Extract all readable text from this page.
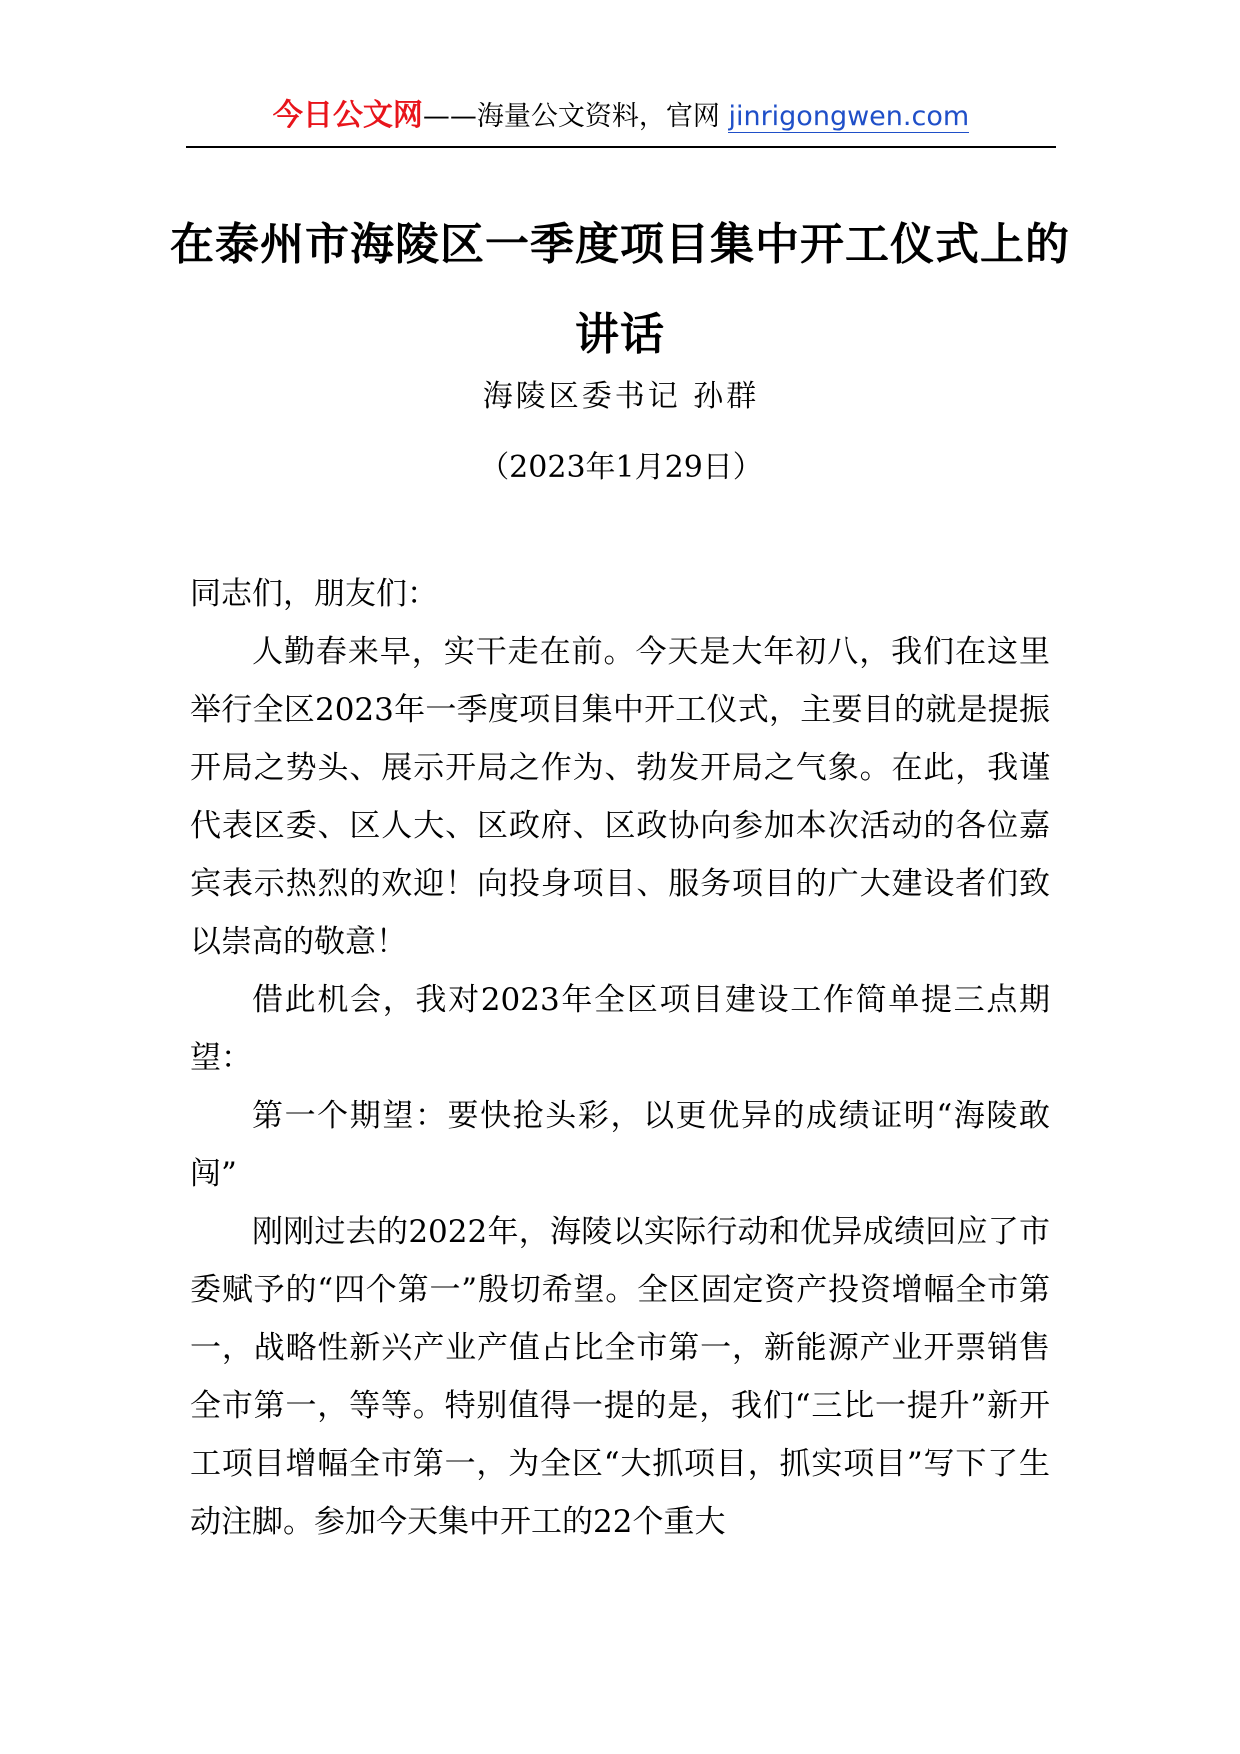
今日公文网——海量公文资料，官网 jinrigongwen.com
在泰州市海陵区一季度项目集中开工仪式上的讲话
海陵区委书记 孙群
（2023年1月29日）

同志们，朋友们：

人勤春来早，实干走在前。今天是大年初八，我们在这里举行全区2023年一季度项目集中开工仪式，主要目的就是提振开局之势头、展示开局之作为、勃发开局之气象。在此，我谨代表区委、区人大、区政府、区政协向参加本次活动的各位嘉宾表示热烈的欢迎！向投身项目、服务项目的广大建设者们致以崇高的敬意！

借此机会，我对2023年全区项目建设工作简单提三点期望：

第一个期望：要快抢头彩，以更优异的成绩证明“海陵敢闯”

刚刚过去的2022年，海陵以实际行动和优异成绩回应了市委赋予的“四个第一”殷切希望。全区固定资产投资增幅全市第一，战略性新兴产业产值占比全市第一，新能源产业开票销售全市第一，等等。特别值得一提的是，我们“三比一提升”新开工项目增幅全市第一，为全区“大抓项目，抓实项目”写下了生动注脚。参加今天集中开工的22个重大
